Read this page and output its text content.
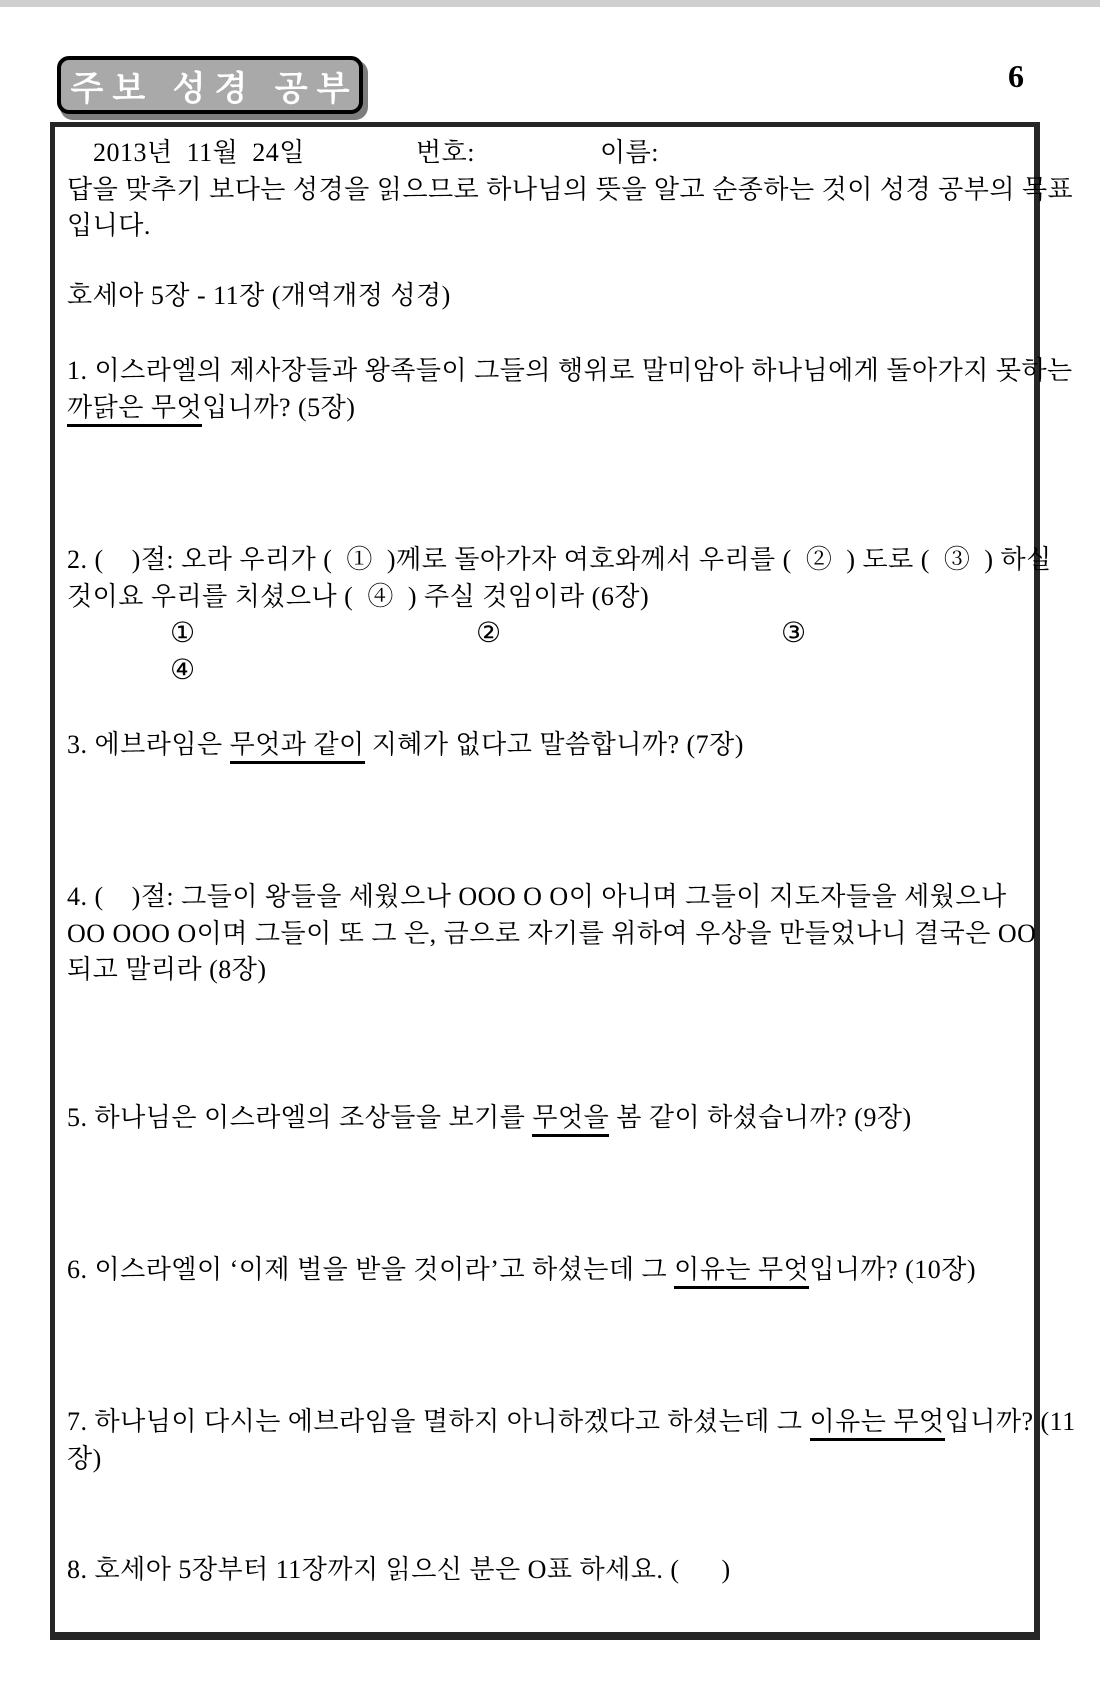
주보 성경 공부	6
2013년  11월  24일	번호:	이름:
답을 맞추기 보다는 성경을 읽으므로 하나님의 뜻을 알고 순종하는 것이 성경 공부의 목표
입니다.
호세아 5장 - 11장 (개역개정 성경)
1. 이스라엘의 제사장들과 왕족들이 그들의 행위로 말미암아 하나님에게 돌아가지 못하는
까닭은 무엇입니까? (5장)
2. (    )절: 오라 우리가 (  ①  )께로 돌아가자 여호와께서 우리를 (  ②  ) 도로 (  ③  ) 하실
것이요 우리를 치셨으나 (  ④  ) 주실 것임이라 (6장)
①	②	③
④
3. 에브라임은 무엇과 같이 지혜가 없다고 말씀합니까? (7장)
4. (    )절: 그들이 왕들을 세웠으나 OOO O O이 아니며 그들이 지도자들을 세웠으나
OO OOO O이며 그들이 또 그 은, 금으로 자기를 위하여 우상을 만들었나니 결국은 OO
되고 말리라 (8장)
5. 하나님은 이스라엘의 조상들을 보기를 무엇을 봄 같이 하셨습니까? (9장)
6. 이스라엘이 ‘이제 벌을 받을 것이라’고 하셨는데 그 이유는 무엇입니까? (10장)
7. 하나님이 다시는 에브라임을 멸하지 아니하겠다고 하셨는데 그 이유는 무엇입니까? (11
장)
8. 호세아 5장부터 11장까지 읽으신 분은 O표 하세요. (      )
